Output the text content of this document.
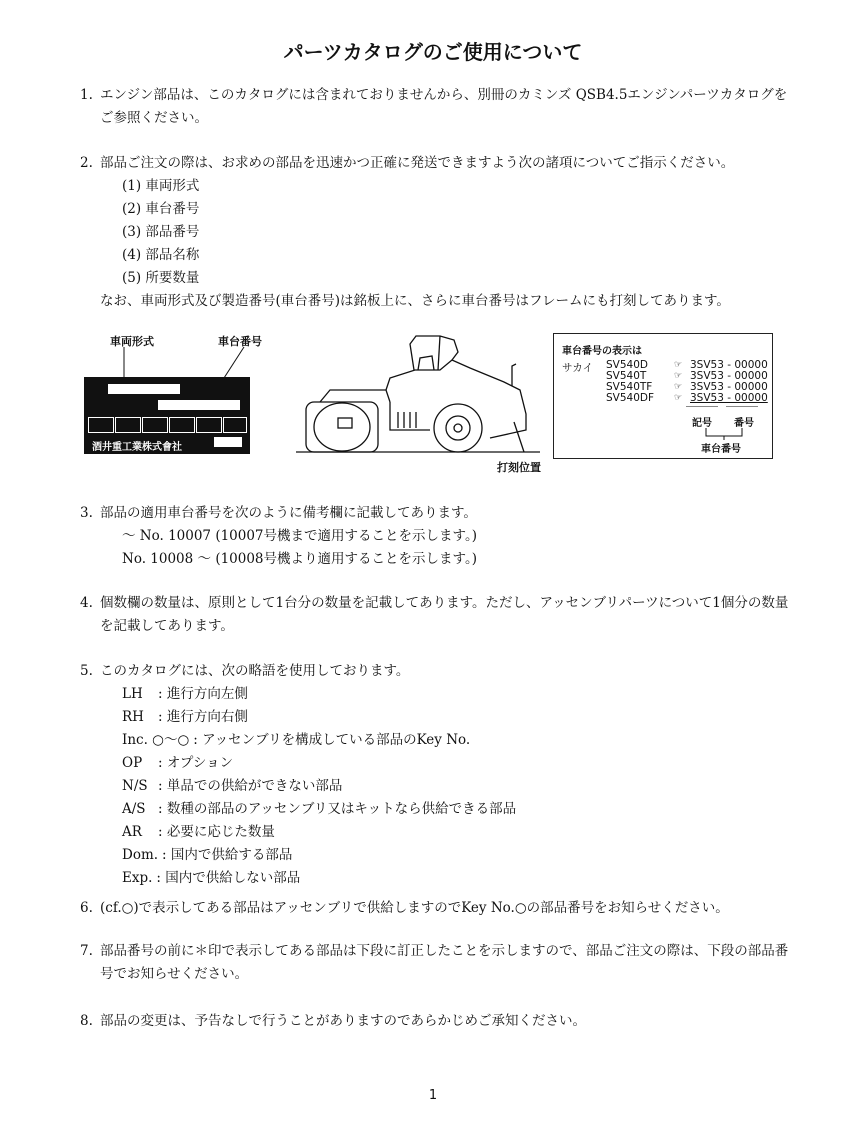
パーツカタログのご使用について
1. エンジン部品は、このカタログには含まれておりませんから、別冊のカミンズ QSB4.5エンジンパーツカタログをご参照ください。
2. 部品ご注文の際は、お求めの部品を迅速かつ正確に発送できますよう次の諸項についてご指示ください。
(1) 車両形式
(2) 車台番号
(3) 部品番号
(4) 部品名称
(5) 所要数量
なお、車両形式及び製造番号(車台番号)は銘板上に、さらに車台番号はフレームにも打刻してあります。
車両形式	車台番号
酒井重工業株式會社
打刻位置
車台番号の表示は
サカイ SV540D	☞ 3SV53 - 00000
SV540T	☞ 3SV53 - 00000
SV540TF	☞ 3SV53 - 00000
SV540DF	☞ 3SV53 - 00000
記号 番号
車台番号
3. 部品の適用車台番号を次のように備考欄に記載してあります。
〜 No. 10007 (10007号機まで適用することを示します。)
No. 10008 〜 (10008号機より適用することを示します。)
4. 個数欄の数量は、原則として1台分の数量を記載してあります。ただし、アッセンブリパーツについて1個分の数量を記載してあります。
5. このカタログには、次の略語を使用しております。
LH	: 進行方向左側
RH	: 進行方向右側
Inc. ○〜○ : アッセンブリを構成している部品のKey No.
OP	: オプション
N/S : 単品での供給ができない部品
A/S : 数種の部品のアッセンブリ又はキットなら供給できる部品
AR	: 必要に応じた数量
Dom. : 国内で供給する部品
Exp. : 国内で供給しない部品
6. (cf.○)で表示してある部品はアッセンブリで供給しますのでKey No.○の部品番号をお知らせください。
7. 部品番号の前に＊印で表示してある部品は下段に訂正したことを示しますので、部品ご注文の際は、下段の部品番号でお知らせください。
8. 部品の変更は、予告なしで行うことがありますのであらかじめご承知ください。
1
